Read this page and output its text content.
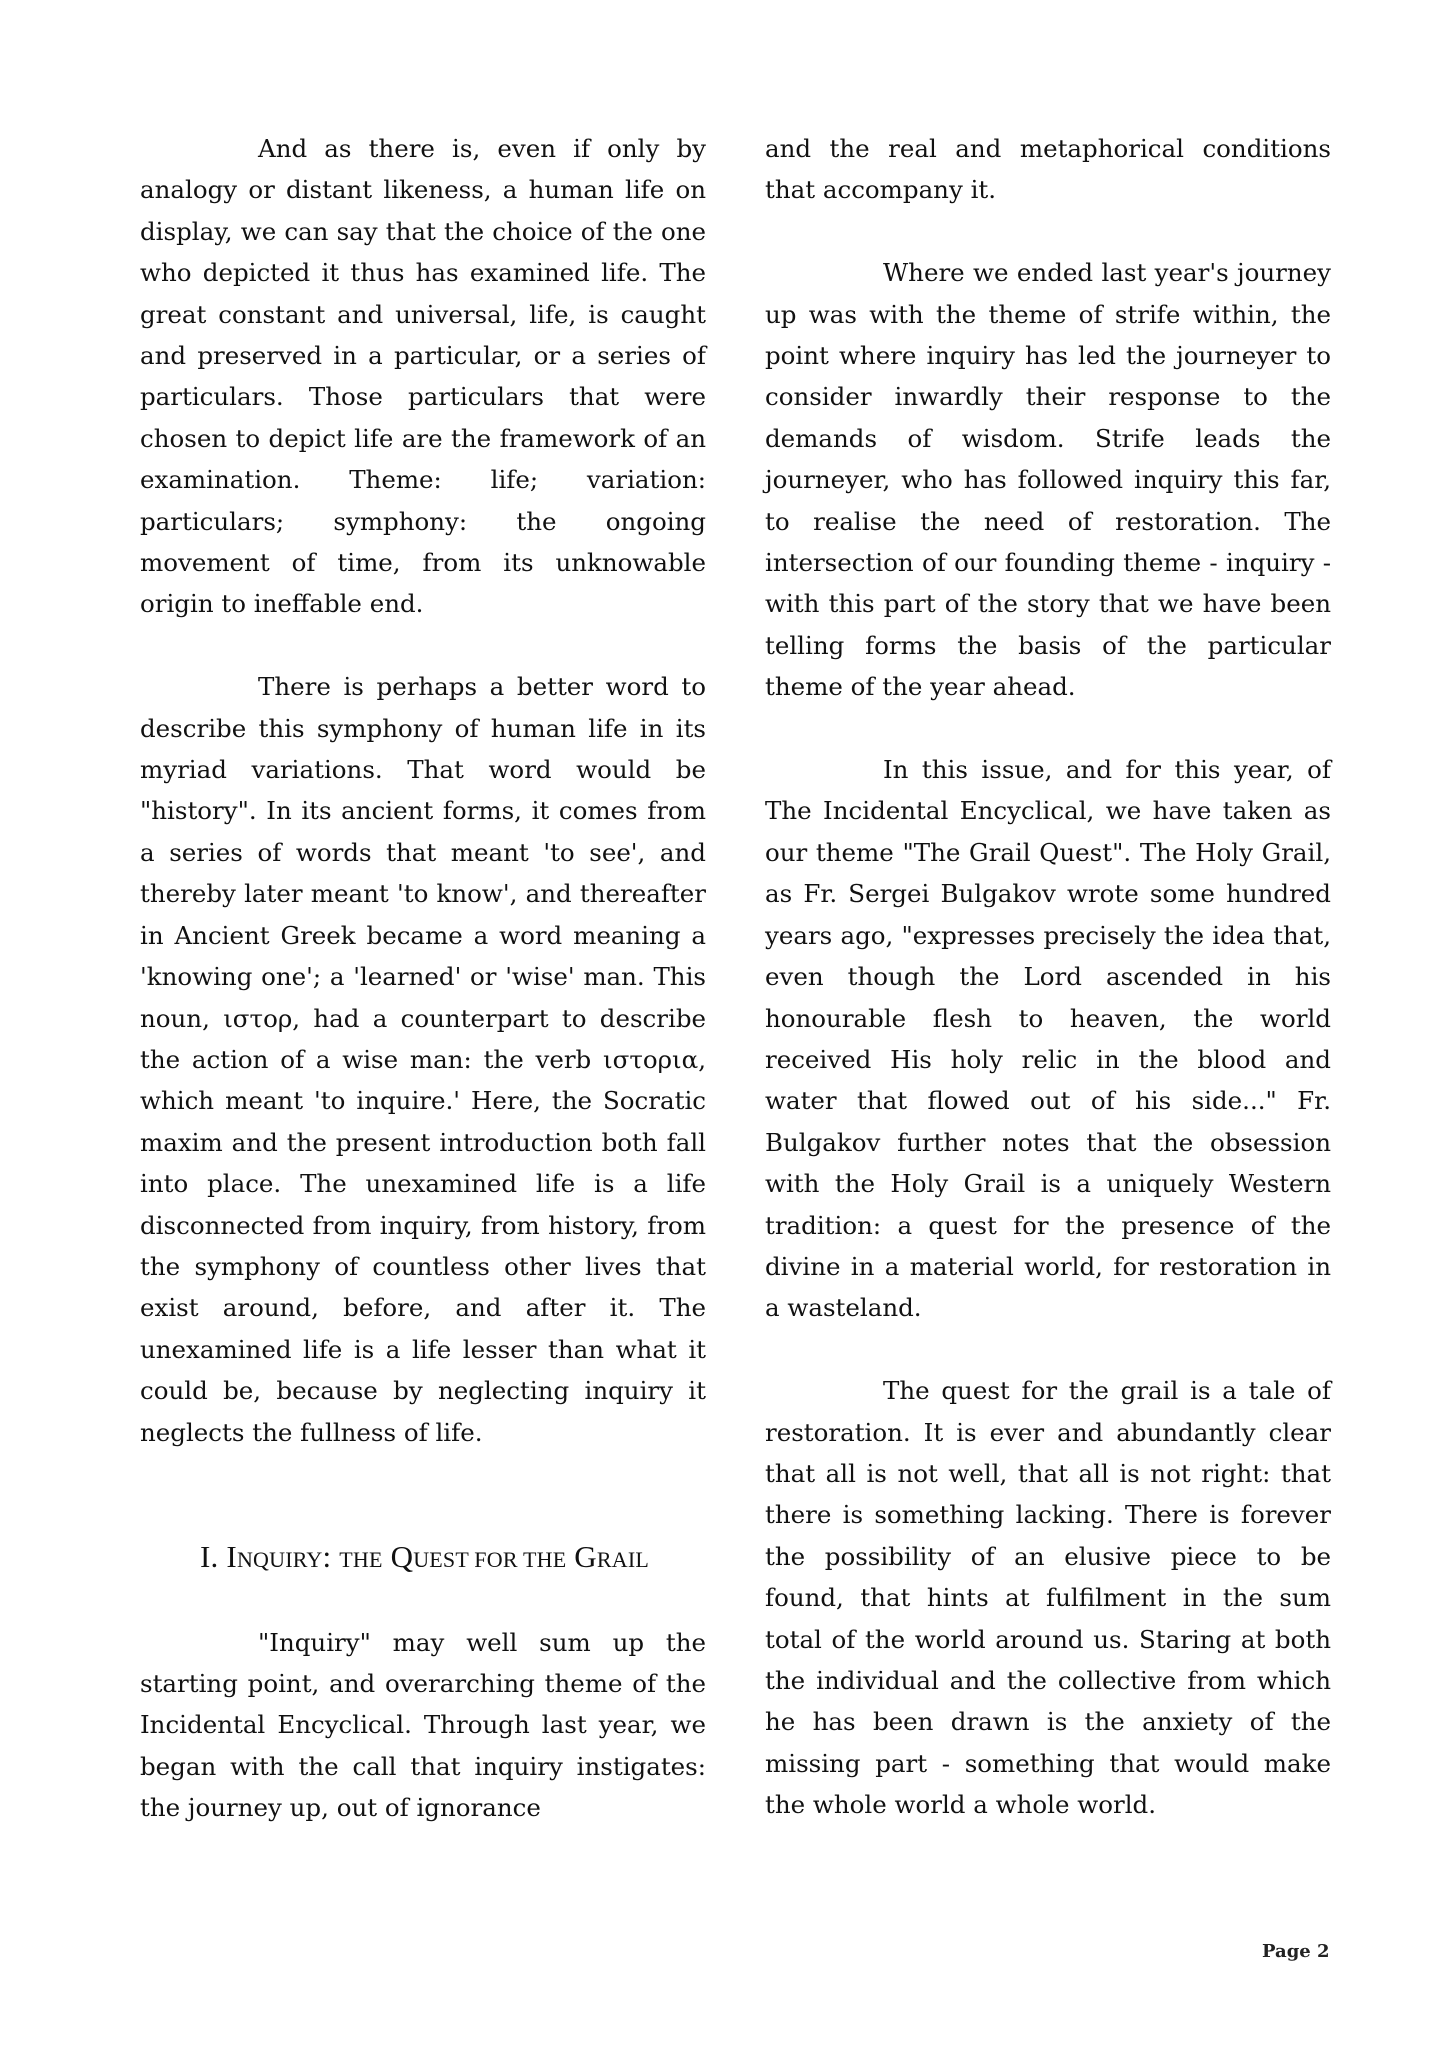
And as there is, even if only by analogy or distant likeness, a human life on display, we can say that the choice of the one who depicted it thus has examined life. The great constant and universal, life, is caught and preserved in a particular, or a series of particulars. Those particulars that were chosen to depict life are the framework of an examination. Theme: life; variation: particulars; symphony: the ongoing movement of time, from its unknowable origin to ineffable end.

There is perhaps a better word to describe this symphony of human life in its myriad variations. That word would be "history". In its ancient forms, it comes from a series of words that meant 'to see', and thereby later meant 'to know', and thereafter in Ancient Greek became a word meaning a 'knowing one'; a 'learned' or 'wise' man. This noun, ιστορ, had a counterpart to describe the action of a wise man: the verb ιστορια, which meant 'to inquire.' Here, the Socratic maxim and the present introduction both fall into place. The unexamined life is a life disconnected from inquiry, from history, from the symphony of countless other lives that exist around, before, and after it. The unexamined life is a life lesser than what it could be, because by neglecting inquiry it neglects the fullness of life.

I. INQUIRY: THE QUEST FOR THE GRAIL

"Inquiry" may well sum up the starting point, and overarching theme of the Incidental Encyclical. Through last year, we began with the call that inquiry instigates: the journey up, out of ignorance

and the real and metaphorical conditions that accompany it.

Where we ended last year's journey up was with the theme of strife within, the point where inquiry has led the journeyer to consider inwardly their response to the demands of wisdom. Strife leads the journeyer, who has followed inquiry this far, to realise the need of restoration. The intersection of our founding theme - inquiry - with this part of the story that we have been telling forms the basis of the particular theme of the year ahead.

In this issue, and for this year, of The Incidental Encyclical, we have taken as our theme "The Grail Quest". The Holy Grail, as Fr. Sergei Bulgakov wrote some hundred years ago, "expresses precisely the idea that, even though the Lord ascended in his honourable flesh to heaven, the world received His holy relic in the blood and water that flowed out of his side..." Fr. Bulgakov further notes that the obsession with the Holy Grail is a uniquely Western tradition: a quest for the presence of the divine in a material world, for restoration in a wasteland.

The quest for the grail is a tale of restoration. It is ever and abundantly clear that all is not well, that all is not right: that there is something lacking. There is forever the possibility of an elusive piece to be found, that hints at fulfilment in the sum total of the world around us. Staring at both the individual and the collective from which he has been drawn is the anxiety of the missing part - something that would make the whole world a whole world.

Page 2
